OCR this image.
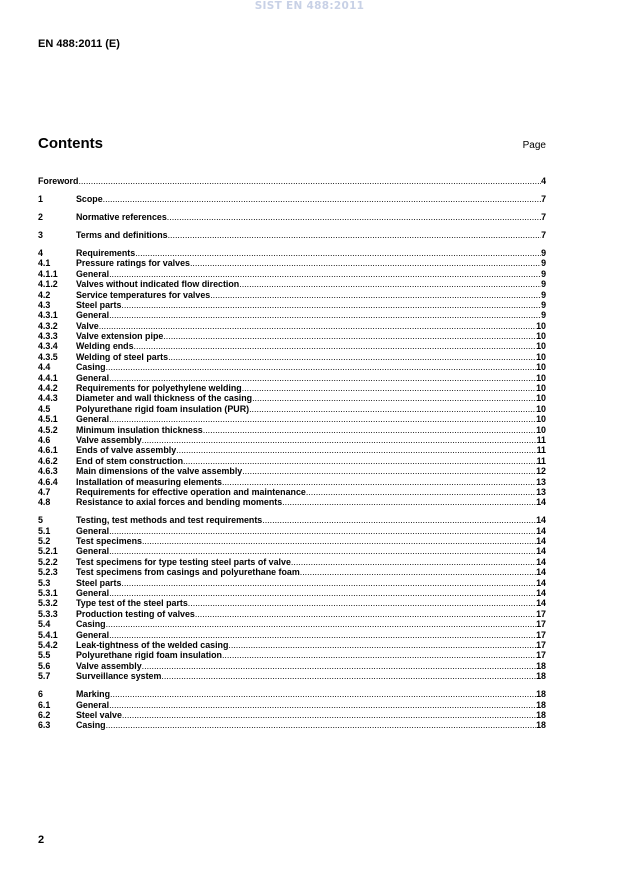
SIST EN 488:2011
EN 488:2011 (E)
Contents	Page
Foreword .....	4
1	Scope .....	7
2	Normative references .....	7
3	Terms and definitions .....	7
4	Requirements .....	9
4.1	Pressure ratings for valves .....	9
4.1.1	General .....	9
4.1.2	Valves without indicated flow direction .....	9
4.2	Service temperatures for valves .....	9
4.3	Steel parts .....	9
4.3.1	General .....	9
4.3.2	Valve .....	10
4.3.3	Valve extension pipe .....	10
4.3.4	Welding ends .....	10
4.3.5	Welding of steel parts .....	10
4.4	Casing .....	10
4.4.1	General .....	10
4.4.2	Requirements for polyethylene welding .....	10
4.4.3	Diameter and wall thickness of the casing .....	10
4.5	Polyurethane rigid foam insulation (PUR) .....	10
4.5.1	General .....	10
4.5.2	Minimum insulation thickness .....	10
4.6	Valve assembly .....	11
4.6.1	Ends of valve assembly .....	11
4.6.2	End of stem construction .....	11
4.6.3	Main dimensions of the valve assembly .....	12
4.6.4	Installation of measuring elements .....	13
4.7	Requirements for effective operation and maintenance .....	13
4.8	Resistance to axial forces and bending moments .....	14
5	Testing, test methods and test requirements .....	14
5.1	General .....	14
5.2	Test specimens .....	14
5.2.1	General .....	14
5.2.2	Test specimens for type testing steel parts of valve .....	14
5.2.3	Test specimens from casings and polyurethane foam .....	14
5.3	Steel parts .....	14
5.3.1	General .....	14
5.3.2	Type test of the steel parts .....	14
5.3.3	Production testing of valves .....	17
5.4	Casing .....	17
5.4.1	General .....	17
5.4.2	Leak-tightness of the welded casing .....	17
5.5	Polyurethane rigid foam insulation .....	17
5.6	Valve assembly .....	18
5.7	Surveillance system .....	18
6	Marking .....	18
6.1	General .....	18
6.2	Steel valve .....	18
6.3	Casing .....	18
2
